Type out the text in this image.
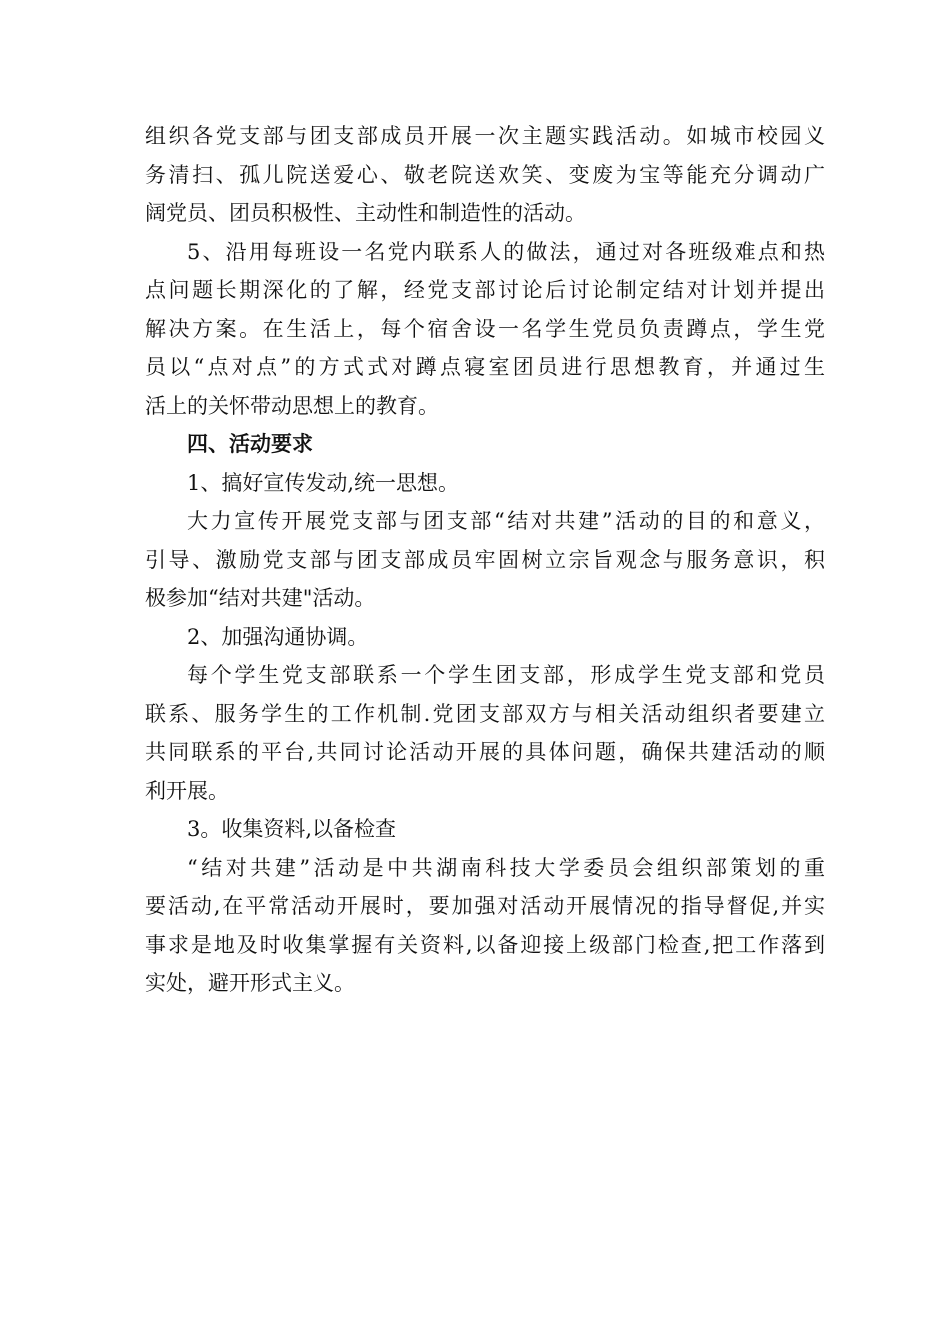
组织各党支部与团支部成员开展一次主题实践活动。如城市校园义
务清扫、孤儿院送爱心、敬老院送欢笑、变废为宝等能充分调动广
阔党员、团员积极性、主动性和制造性的活动。
5、沿用每班设一名党内联系人的做法，通过对各班级难点和热
点问题长期深化的了解，经党支部讨论后讨论制定结对计划并提出
解决方案。在生活上，每个宿舍设一名学生党员负责蹲点，学生党
员以“点对点”的方式式对蹲点寝室团员进行思想教育，并通过生
活上的关怀带动思想上的教育。
四、活动要求
1、搞好宣传发动,统一思想。
大力宣传开展党支部与团支部“结对共建”活动的目的和意义，
引导、激励党支部与团支部成员牢固树立宗旨观念与服务意识，积
极参加“结对共建"活动。
2、加强沟通协调。
每个学生党支部联系一个学生团支部，形成学生党支部和党员
联系、服务学生的工作机制.党团支部双方与相关活动组织者要建立
共同联系的平台,共同讨论活动开展的具体问题，确保共建活动的顺
利开展。
3。收集资料,以备检查
“结对共建”活动是中共湖南科技大学委员会组织部策划的重
要活动,在平常活动开展时，要加强对活动开展情况的指导督促,并实
事求是地及时收集掌握有关资料,以备迎接上级部门检查,把工作落到
实处，避开形式主义。
